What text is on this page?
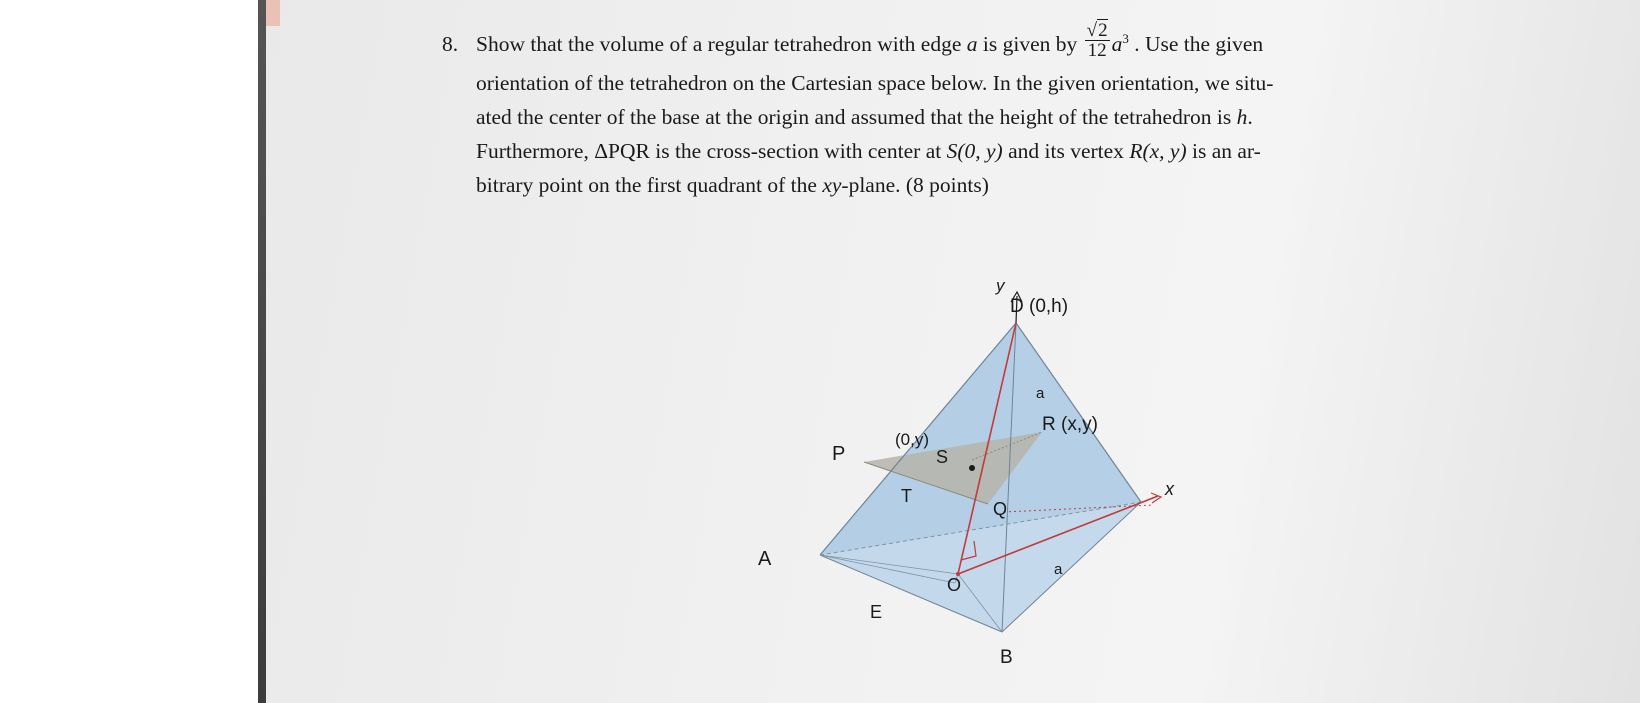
8. Show that the volume of a regular tetrahedron with edge a is given by $\frac{√2}{12} a^3$ . Use the given
orientation of the tetrahedron on the Cartesian space below. In the given orientation, we situ-
ated the center of the base at the origin and assumed that the height of the tetrahedron is h.
Furthermore, ΔPQR is the cross-section with center at S(0, y) and its vertex R(x, y) is an ar-
bitrary point on the first quadrant of the xy-plane. (8 points)
y
D (0,h)
a
R (x,y)
P
(0,y)
S
T
Q
x
A
O
a
E
B
